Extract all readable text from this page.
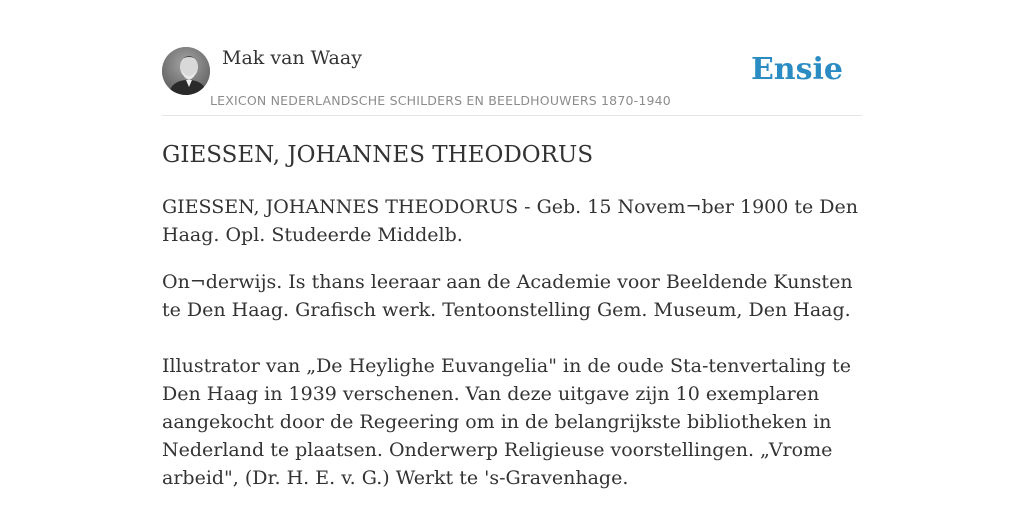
Mak van Waay
LEXICON NEDERLANDSCHE SCHILDERS EN BEELDHOUWERS 1870-1940
Ensie
GIESSEN, JOHANNES THEODORUS

GIESSEN, JOHANNES THEODORUS - Geb. 15 Novem¬ber 1900 te Den Haag. Opl. Studeerde Middelb.

On¬derwijs. Is thans leeraar aan de Academie voor Beeldende Kunsten te Den Haag. Grafisch werk. Tentoonstelling Gem. Museum, Den Haag.

Illustrator van „De Heylighe Euvangelia" in de oude Sta-tenvertaling te Den Haag in 1939 verschenen. Van deze uitgave zijn 10 exemplaren aangekocht door de Regeering om in de belangrijkste bibliotheken in Nederland te plaatsen. Onderwerp Religieuse voorstellingen. „Vrome arbeid", (Dr. H. E. v. G.) Werkt te 's-Gravenhage.
